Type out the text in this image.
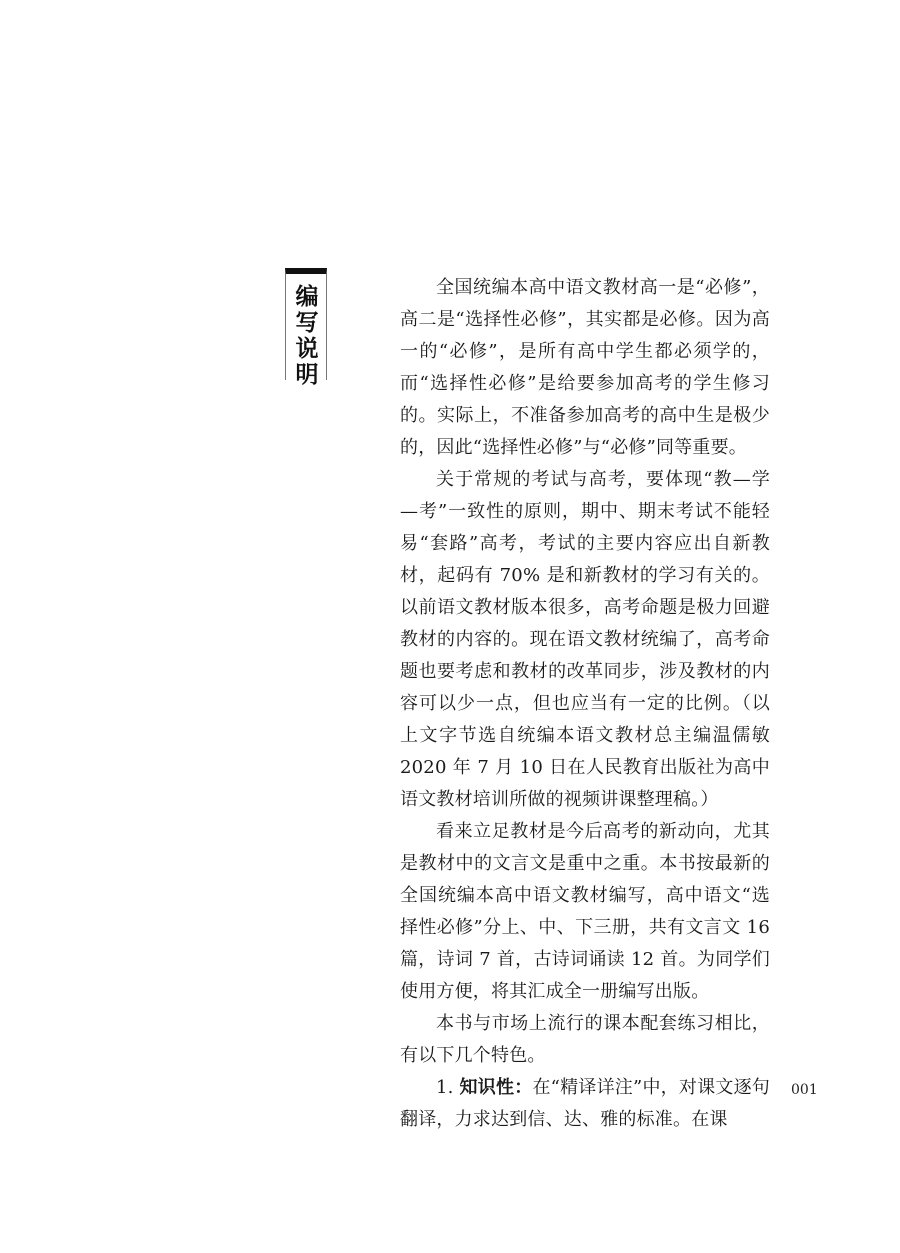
编写说明

全国统编本高中语文教材高一是“必修”，高二是“选择性必修”，其实都是必修。因为高一的“必修”，是所有高中学生都必须学的，而“选择性必修”是给要参加高考的学生修习的。实际上，不准备参加高考的高中生是极少的，因此“选择性必修”与“必修”同等重要。

关于常规的考试与高考，要体现“教—学—考”一致性的原则，期中、期末考试不能轻易“套路”高考，考试的主要内容应出自新教材，起码有 70% 是和新教材的学习有关的。以前语文教材版本很多，高考命题是极力回避教材的内容的。现在语文教材统编了，高考命题也要考虑和教材的改革同步，涉及教材的内容可以少一点，但也应当有一定的比例。（以上文字节选自统编本语文教材总主编温儒敏 2020 年 7 月 10 日在人民教育出版社为高中语文教材培训所做的视频讲课整理稿。）

看来立足教材是今后高考的新动向，尤其是教材中的文言文是重中之重。本书按最新的全国统编本高中语文教材编写，高中语文“选择性必修”分上、中、下三册，共有文言文 16 篇，诗词 7 首，古诗词诵读 12 首。为同学们使用方便，将其汇成全一册编写出版。

本书与市场上流行的课本配套练习相比，有以下几个特色。

1. 知识性：在“精译详注”中，对课文逐句翻译，力求达到信、达、雅的标准。在课

001
